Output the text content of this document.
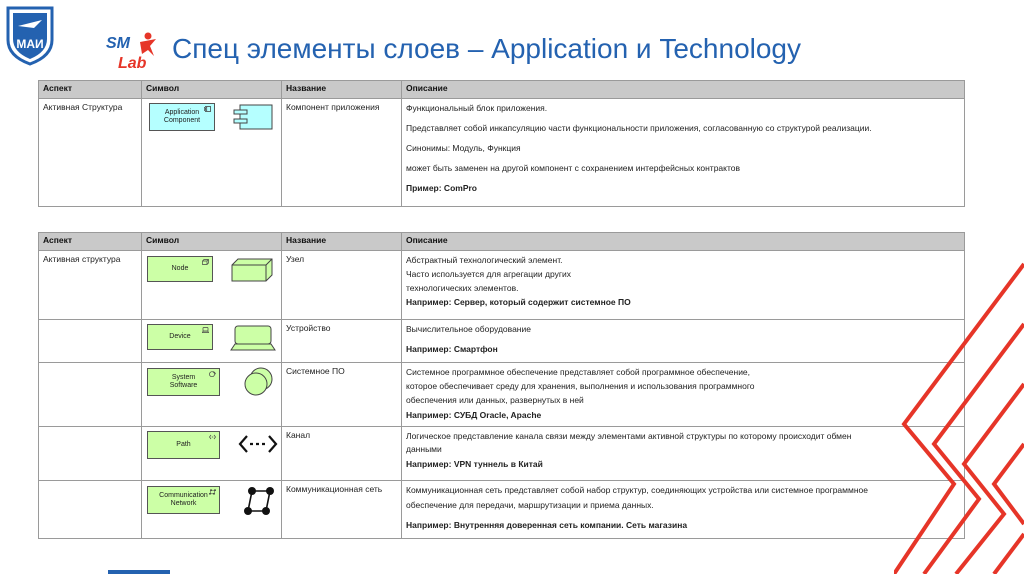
МАИ	SM
Lab Спец элементы слоев – Application и Technology
Аспект	Символ	Название	Описание
Активная Структура	Application Component	Компонент приложения	Функциональный блок приложения.

Представляет собой инкапсуляцию части функциональности приложения, согласованную со структурой реализации.

Синонимы: Модуль, Функция

может быть заменен на другой компонент с сохранением интерфейсных контрактов

Пример: ComPro

Аспект	Символ	Название	Описание
Активная структура	Node	Узел	Абстрактный технологический элемент.

Часто используется для агрегации других

технологических элементов.

Например: Сервер, который содержит системное ПО

	Device	Устройство	Вычислительное оборудование

Например: Смартфон

	System Software	Системное ПО	Системное программное обеспечение представляет собой программное обеспечение,

которое обеспечивает среду для хранения, выполнения и использования программного

обеспечения или данных, развернутых в ней

Например: СУБД Oracle, Apache

	Path	Канал	Логическое представление канала связи между элементами активной структуры по которому происходит обмен

данными

Например: VPN туннель в Китай

	Communication Network	Коммуникационная сеть	Коммуникационная сеть представляет собой набор структур, соединяющих устройства или системное программное

обеспечение для передачи, маршрутизации и приема данных.

Например: Внутренняя доверенная сеть компании. Сеть магазина
